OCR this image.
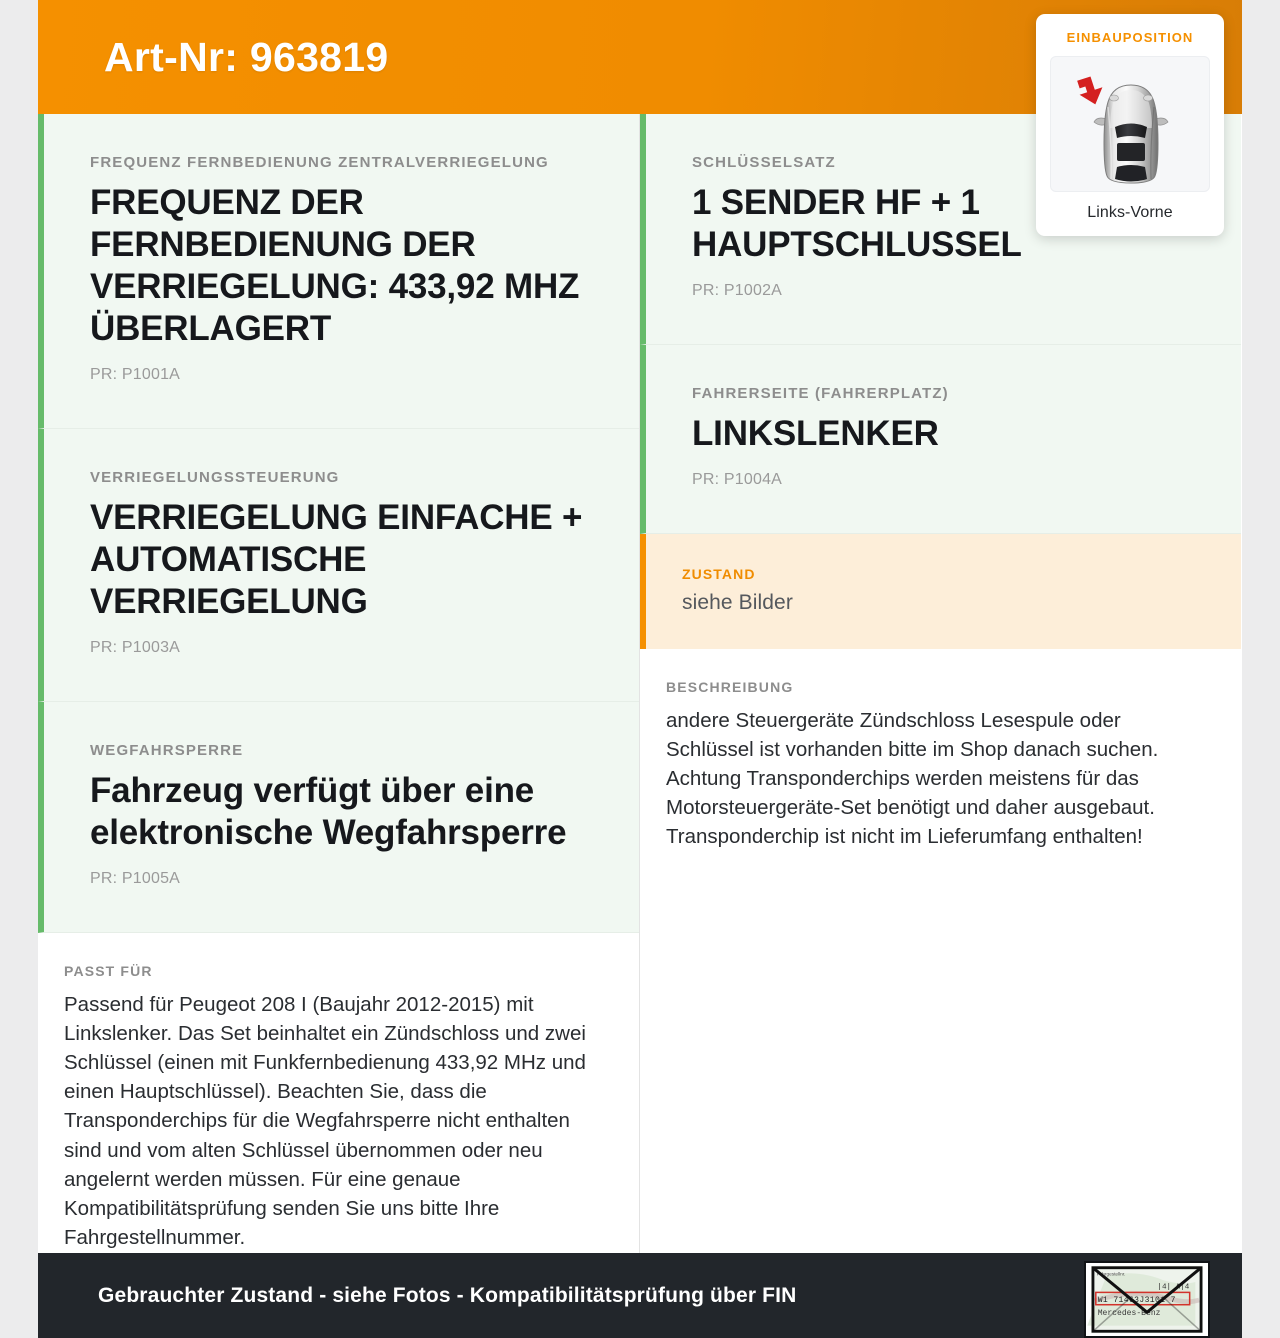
Art-Nr: 963819	EINBAUPOSITION
Links-Vorne
FREQUENZ FERNBEDIENUNG ZENTRALVERRIEGELUNG
FREQUENZ DER FERNBEDIENUNG DER VERRIEGELUNG: 433,92 MHZ ÜBERLAGERT
PR: P1001A
VERRIEGELUNGSSTEUERUNG
VERRIEGELUNG EINFACHE + AUTOMATISCHE VERRIEGELUNG
PR: P1003A
WEGFAHRSPERRE
Fahrzeug verfügt über eine elektronische Wegfahrsperre
PR: P1005A
PASST FÜR
Passend für Peugeot 208 I (Baujahr 2012-2015) mit Linkslenker. Das Set beinhaltet ein Zündschloss und zwei Schlüssel (einen mit Funkfernbedienung 433,92 MHz und einen Hauptschlüssel). Beachten Sie, dass die Transponderchips für die Wegfahrsperre nicht enthalten sind und vom alten Schlüssel übernommen oder neu angelernt werden müssen. Für eine genaue Kompatibilitätsprüfung senden Sie uns bitte Ihre Fahrgestellnummer.
SCHLÜSSELSATZ
1 SENDER HF + 1 HAUPTSCHLUSSEL
PR: P1002A
FAHRERSEITE (FAHRERPLATZ)
LINKSLENKER
PR: P1004A
ZUSTAND
siehe Bilder
BESCHREIBUNG
andere Steuergeräte Zündschloss Lesespule oder Schlüssel ist vorhanden bitte im Shop danach suchen. Achtung Transponderchips werden meistens für das Motorsteuergeräte-Set benötigt und daher ausgebaut. Transponderchip ist nicht im Lieferumfang enthalten!
Gebrauchter Zustand - siehe Fotos - Kompatibilitätsprüfung über FIN
Fahrgestellnr.
|4| A|4
W1 71463J3101 7
Mercedes-Benz
